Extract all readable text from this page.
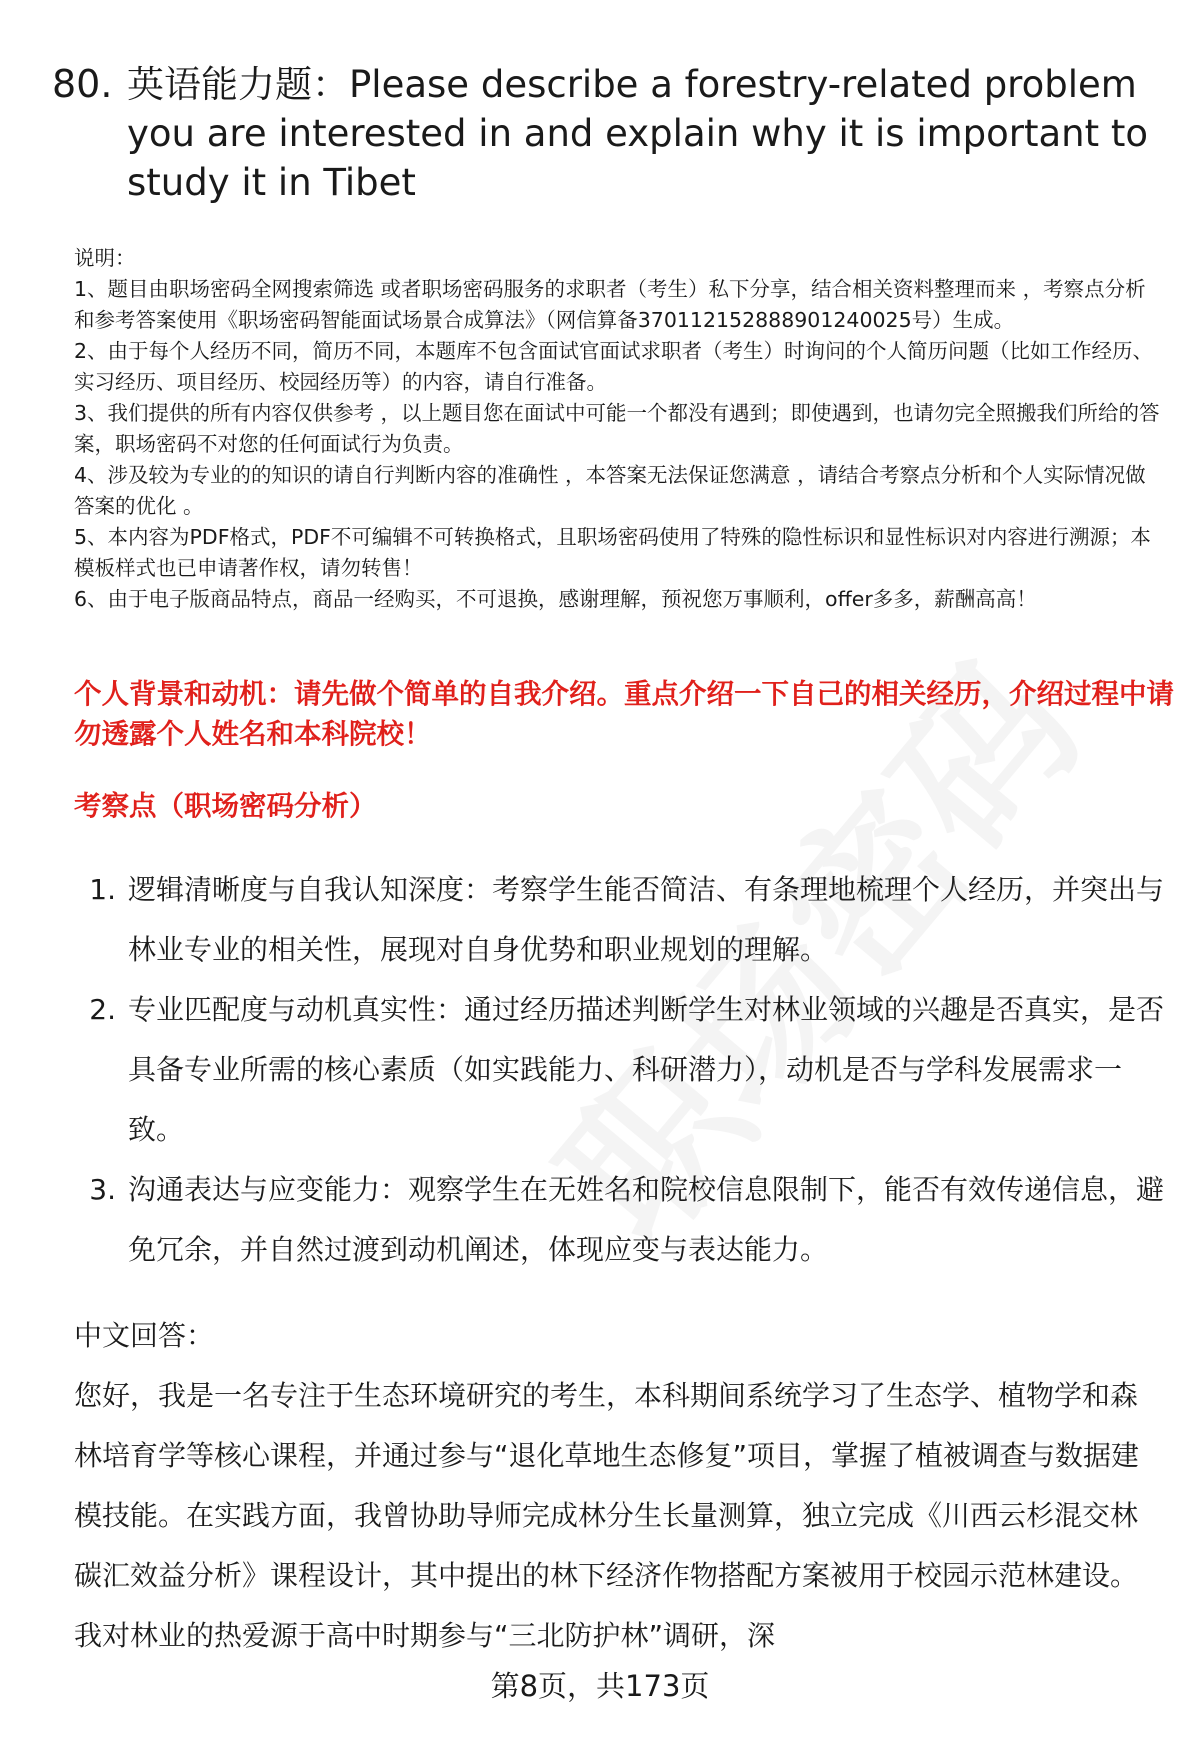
80. 英语能力题：Please describe a forestry-related problem you are interested in and explain why it is important to study it in Tibet

说明：

1、题目由职场密码全网搜索筛选 或者职场密码服务的求职者（考生）私下分享，结合相关资料整理而来 ，考察点分析和参考答案使用《职场密码智能面试场景合成算法》（网信算备370112152888901240025号）生成。

2、由于每个人经历不同，简历不同，本题库不包含面试官面试求职者（考生）时询问的个人简历问题（比如工作经历、实习经历、项目经历、校园经历等）的内容，请自行准备。

3、我们提供的所有内容仅供参考 ，以上题目您在面试中可能一个都没有遇到；即使遇到，也请勿完全照搬我们所给的答案，职场密码不对您的任何面试行为负责。

4、涉及较为专业的的知识的请自行判断内容的准确性 ，本答案无法保证您满意 ，请结合考察点分析和个人实际情况做答案的优化 。

5、本内容为PDF格式，PDF不可编辑不可转换格式，且职场密码使用了特殊的隐性标识和显性标识对内容进行溯源；本模板样式也已申请著作权，请勿转售！

6、由于电子版商品特点，商品一经购买，不可退换，感谢理解，预祝您万事顺利，offer多多，薪酬高高！

个人背景和动机：请先做个简单的自我介绍。重点介绍一下自己的相关经历，介绍过程中请勿透露个人姓名和本科院校！
考察点（职场密码分析）
1. 逻辑清晰度与自我认知深度：考察学生能否简洁、有条理地梳理个人经历，并突出与林业专业的相关性，展现对自身优势和职业规划的理解。
2. 专业匹配度与动机真实性：通过经历描述判断学生对林业领域的兴趣是否真实，是否具备专业所需的核心素质（如实践能力、科研潜力），动机是否与学科发展需求一致。
3. 沟通表达与应变能力：观察学生在无姓名和院校信息限制下，能否有效传递信息，避免冗余，并自然过渡到动机阐述，体现应变与表达能力。
中文回答：
您好，我是一名专注于生态环境研究的考生，本科期间系统学习了生态学、植物学和森林培育学等核心课程，并通过参与“退化草地生态修复”项目，掌握了植被调查与数据建模技能。在实践方面，我曾协助导师完成林分生长量测算，独立完成《川西云杉混交林碳汇效益分析》课程设计，其中提出的林下经济作物搭配方案被用于校园示范林建设。我对林业的热爱源于高中时期参与“三北防护林”调研，深
第8页，共173页
